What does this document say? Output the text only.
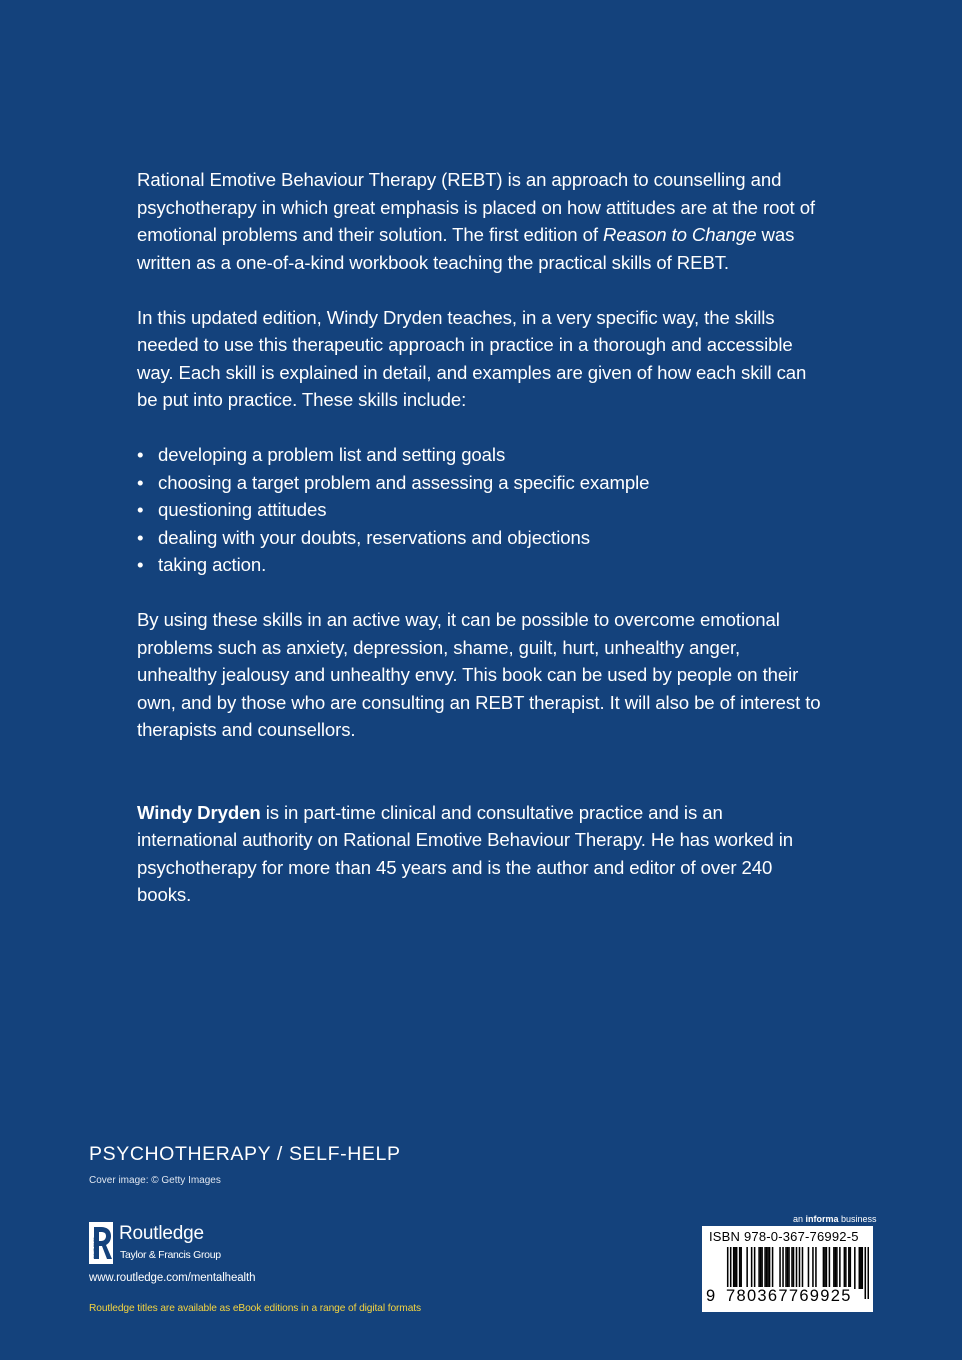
Rational Emotive Behaviour Therapy (REBT) is an approach to counselling and psychotherapy in which great emphasis is placed on how attitudes are at the root of emotional problems and their solution. The first edition of Reason to Change was written as a one-of-a-kind workbook teaching the practical skills of REBT.

In this updated edition, Windy Dryden teaches, in a very specific way, the skills needed to use this therapeutic approach in practice in a thorough and accessible way. Each skill is explained in detail, and examples are given of how each skill can be put into practice. These skills include:

• developing a problem list and setting goals
• choosing a target problem and assessing a specific example
• questioning attitudes
• dealing with your doubts, reservations and objections
• taking action.

By using these skills in an active way, it can be possible to overcome emotional problems such as anxiety, depression, shame, guilt, hurt, unhealthy anger, unhealthy jealousy and unhealthy envy. This book can be used by people on their own, and by those who are consulting an REBT therapist. It will also be of interest to therapists and counsellors.

Windy Dryden is in part-time clinical and consultative practice and is an international authority on Rational Emotive Behaviour Therapy. He has worked in psychotherapy for more than 45 years and is the author and editor of over 240 books.

PSYCHOTHERAPY / SELF-HELP
Cover image: © Getty Images
ROUTLEDGE
Routledge
Taylor & Francis Group
www.routledge.com/mentalhealth
Routledge titles are available as eBook editions in a range of digital formats
an informa business
ISBN 978-0-367-76992-5
9 780367769925
